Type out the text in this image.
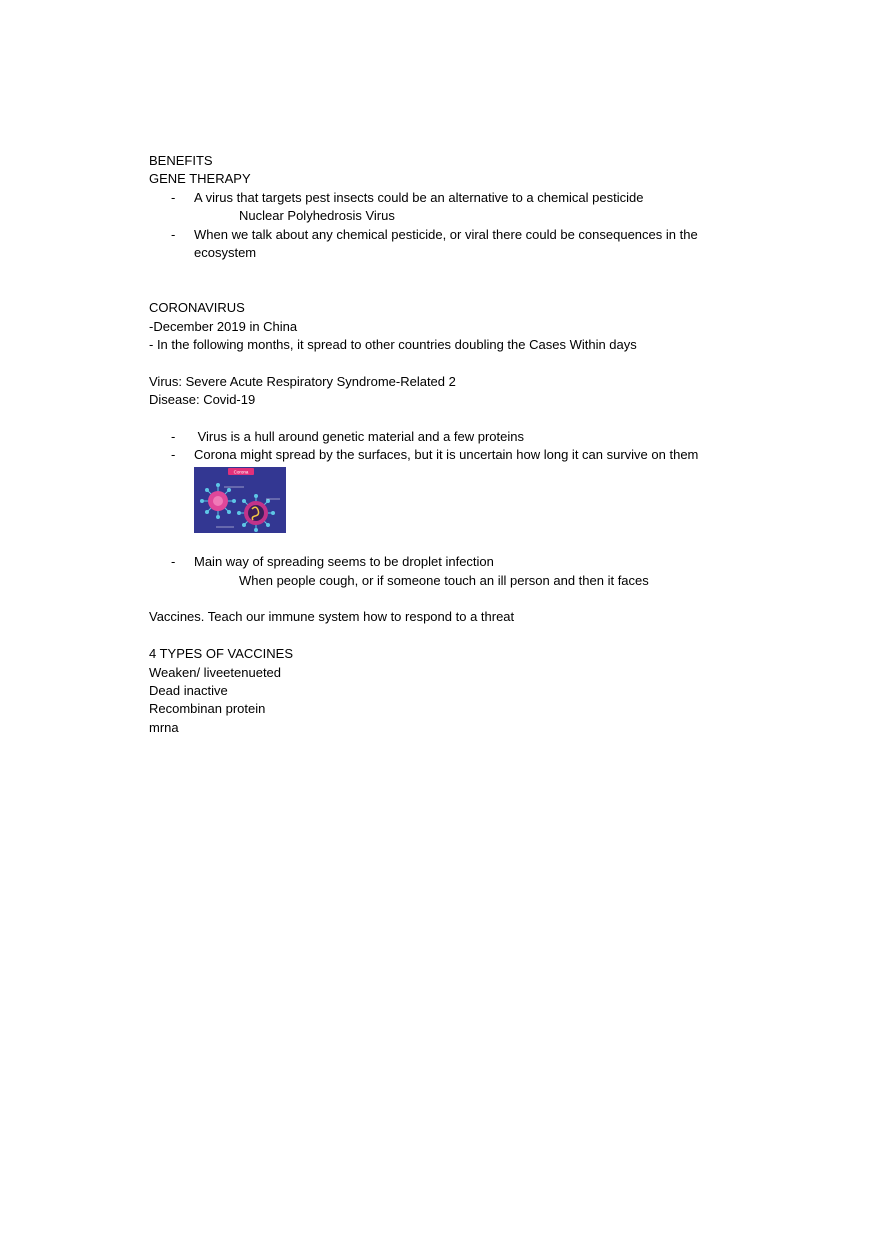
BENEFITS
GENE THERAPY
- A virus that targets pest insects could be an alternative to a chemical pesticide
Nuclear Polyhedrosis Virus
- When we talk about any chemical pesticide, or viral there could be consequences in the ecosystem
CORONAVIRUS
-December 2019 in China
- In the following months, it spread to other countries doubling the Cases Within days
Virus: Severe Acute Respiratory Syndrome-Related 2
Disease: Covid-19
- Virus is a hull around genetic material and a few proteins
- Corona might spread by the surfaces, but it is uncertain how long it can survive on them
Corona
- Main way of spreading seems to be droplet infection
When people cough, or if someone touch an ill person and then it faces
Vaccines. Teach our immune system how to respond to a threat
4 TYPES OF VACCINES
Weaken/ liveetenueted
Dead inactive
Recombinan protein
mrna
